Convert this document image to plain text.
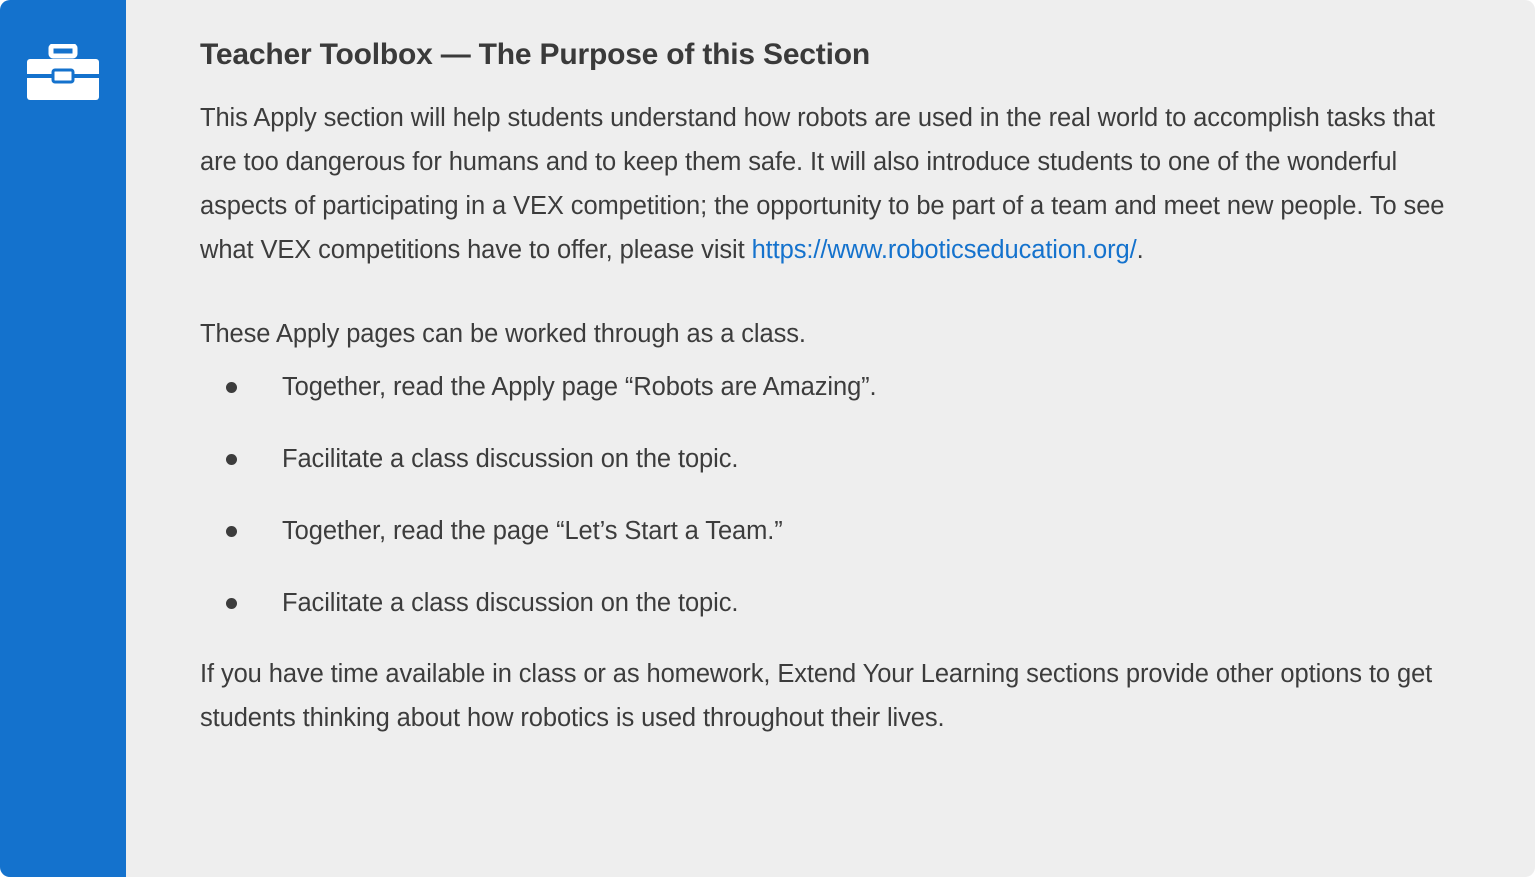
Teacher Toolbox — The Purpose of this Section

This Apply section will help students understand how robots are used in the real world to accomplish tasks that are too dangerous for humans and to keep them safe. It will also introduce students to one of the wonderful aspects of participating in a VEX competition; the opportunity to be part of a team and meet new people. To see what VEX competitions have to offer, please visit https://www.roboticseducation.org/.

These Apply pages can be worked through as a class.

Together, read the Apply page “Robots are Amazing”.
Facilitate a class discussion on the topic.
Together, read the page “Let’s Start a Team.”
Facilitate a class discussion on the topic.

If you have time available in class or as homework, Extend Your Learning sections provide other options to get students thinking about how robotics is used throughout their lives.
